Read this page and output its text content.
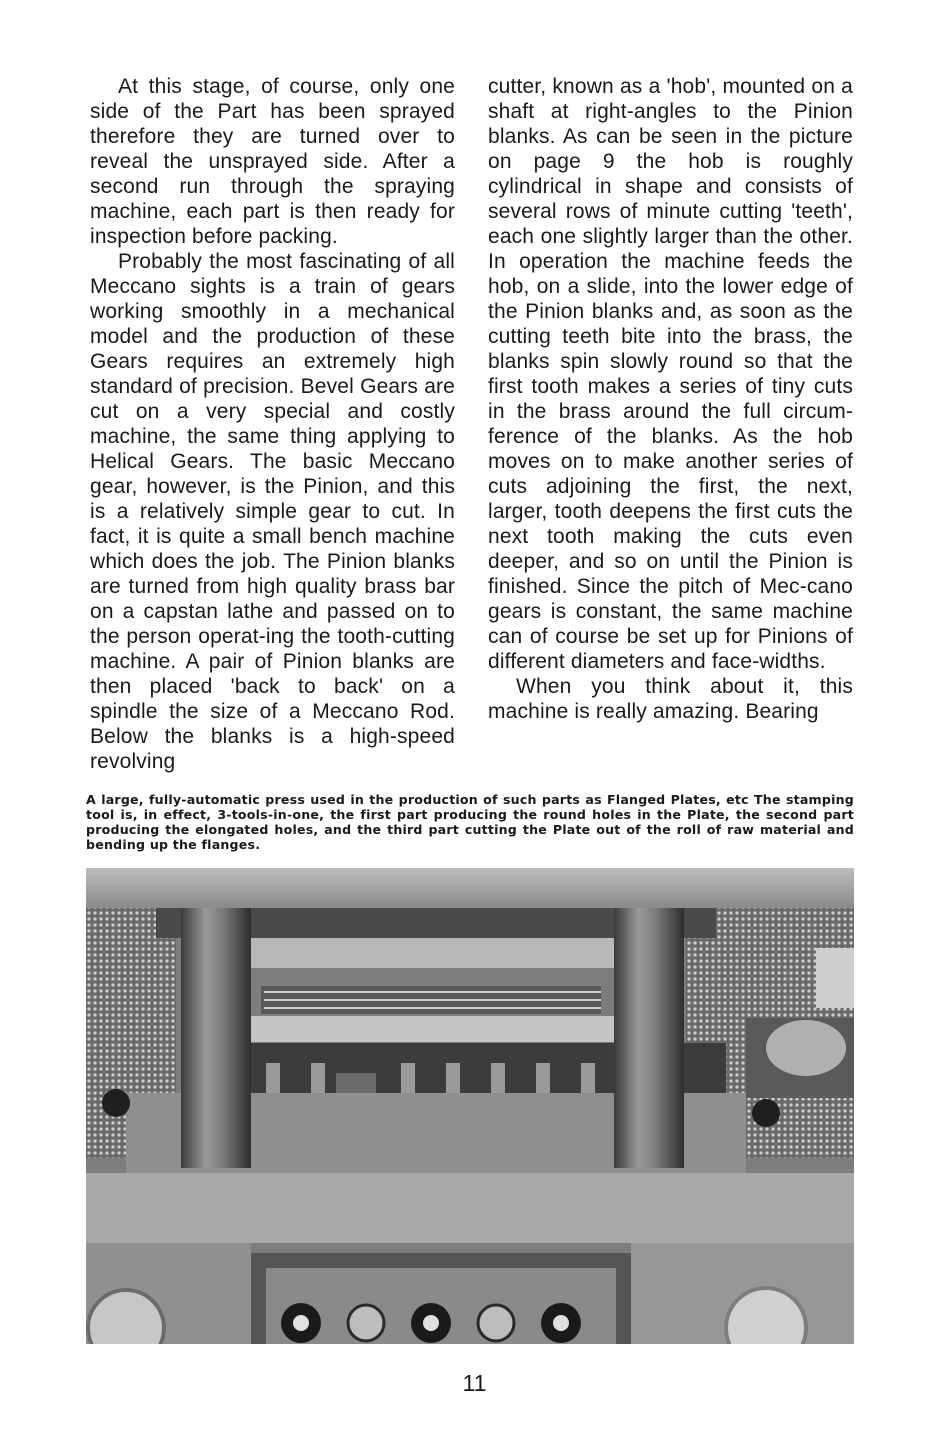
At this stage, of course, only one side of the Part has been sprayed therefore they are turned over to reveal the unsprayed side. After a second run through the spraying machine, each part is then ready for inspection before packing.

Probably the most fascinating of all Meccano sights is a train of gears working smoothly in a mechanical model and the production of these Gears requires an extremely high standard of precision. Bevel Gears are cut on a very special and costly machine, the same thing applying to Helical Gears. The basic Meccano gear, however, is the Pinion, and this is a relatively simple gear to cut. In fact, it is quite a small bench machine which does the job. The Pinion blanks are turned from high quality brass bar on a capstan lathe and passed on to the person operat-ing the tooth-cutting machine. A pair of Pinion blanks are then placed 'back to back' on a spindle the size of a Meccano Rod. Below the blanks is a high-speed revolving

cutter, known as a 'hob', mounted on a shaft at right-angles to the Pinion blanks. As can be seen in the picture on page 9 the hob is roughly cylindrical in shape and consists of several rows of minute cutting 'teeth', each one slightly larger than the other. In operation the machine feeds the hob, on a slide, into the lower edge of the Pinion blanks and, as soon as the cutting teeth bite into the brass, the blanks spin slowly round so that the first tooth makes a series of tiny cuts in the brass around the full circum-ference of the blanks. As the hob moves on to make another series of cuts adjoining the first, the next, larger, tooth deepens the first cuts the next tooth making the cuts even deeper, and so on until the Pinion is finished. Since the pitch of Mec-cano gears is constant, the same machine can of course be set up for Pinions of different diameters and face-widths.

When you think about it, this machine is really amazing. Bearing

A large, fully-automatic press used in the production of such parts as Flanged Plates, etc The stamping tool is, in effect, 3-tools-in-one, the first part producing the round holes in the Plate, the second part producing the elongated holes, and the third part cutting the Plate out of the roll of raw material and bending up the flanges.

11
